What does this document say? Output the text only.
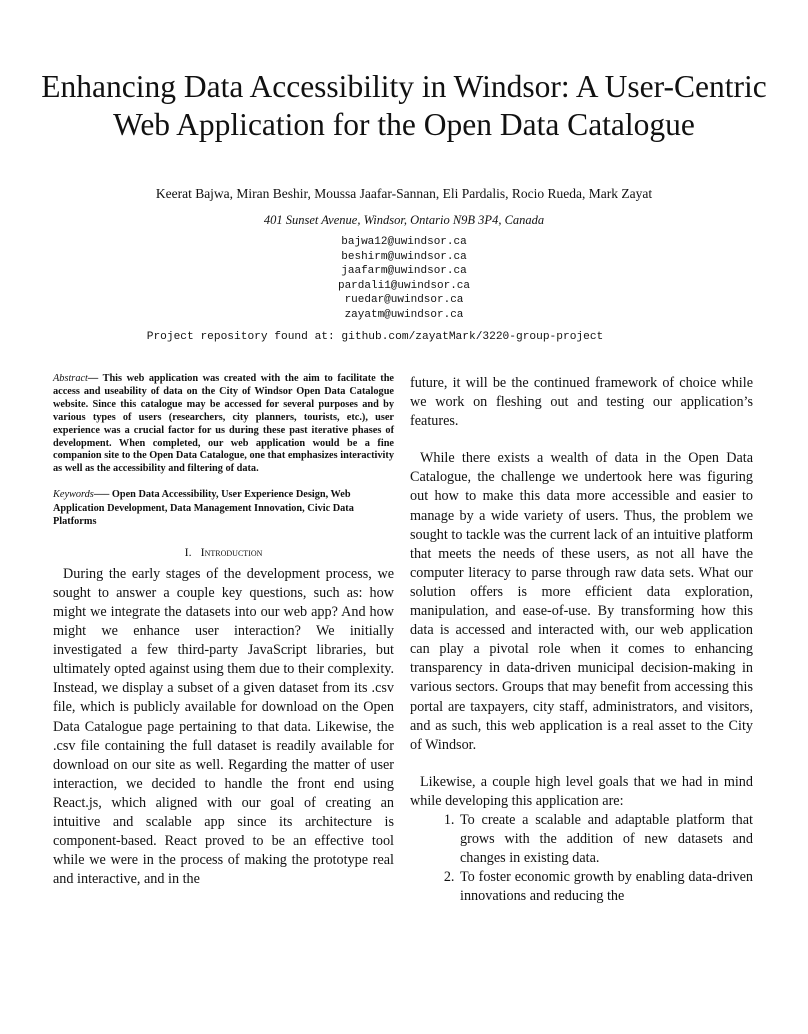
Enhancing Data Accessibility in Windsor: A User-Centric Web Application for the Open Data Catalogue
Keerat Bajwa, Miran Beshir, Moussa Jaafar-Sannan, Eli Pardalis, Rocio Rueda, Mark Zayat
401 Sunset Avenue, Windsor, Ontario N9B 3P4, Canada
bajwa12@uwindsor.ca
beshirm@uwindsor.ca
jaafarm@uwindsor.ca
pardali1@uwindsor.ca
ruedar@uwindsor.ca
zayatm@uwindsor.ca
Project repository found at: github.com/zayatMark/3220-group-project

Abstract— This web application was created with the aim to facilitate the access and useability of data on the City of Windsor Open Data Catalogue website. Since this catalogue may be accessed for several purposes and by various types of users (researchers, city planners, tourists, etc.), user experience was a crucial factor for us during these past iterative phases of development. When completed, our web application would be a fine companion site to the Open Data Catalogue, one that emphasizes interactivity as well as the accessibility and filtering of data.

Keywords—– Open Data Accessibility, User Experience Design, Web Application Development, Data Management Innovation, Civic Data Platforms

I. Introduction

During the early stages of the development process, we sought to answer a couple key questions, such as: how might we integrate the datasets into our web app? And how might we enhance user interaction? We initially investigated a few third-party JavaScript libraries, but ultimately opted against using them due to their complexity. Instead, we display a subset of a given dataset from its .csv file, which is publicly available for download on the Open Data Catalogue page pertaining to that data. Likewise, the .csv file containing the full dataset is readily available for download on our site as well. Regarding the matter of user interaction, we decided to handle the front end using React.js, which aligned with our goal of creating an intuitive and scalable app since its architecture is component-based. React proved to be an effective tool while we were in the process of making the prototype real and interactive, and in the

future, it will be the continued framework of choice while we work on fleshing out and testing our application’s features.

While there exists a wealth of data in the Open Data Catalogue, the challenge we undertook here was figuring out how to make this data more accessible and easier to manage by a wide variety of users. Thus, the problem we sought to tackle was the current lack of an intuitive platform that meets the needs of these users, as not all have the computer literacy to parse through raw data sets. What our solution offers is more efficient data exploration, manipulation, and ease-of-use. By transforming how this data is accessed and interacted with, our web application can play a pivotal role when it comes to enhancing transparency in data-driven municipal decision-making in various sectors. Groups that may benefit from accessing this portal are taxpayers, city staff, administrators, and visitors, and as such, this web application is a real asset to the City of Windsor.

Likewise, a couple high level goals that we had in mind while developing this application are:

1. To create a scalable and adaptable platform that grows with the addition of new datasets and changes in existing data.
2. To foster economic growth by enabling data-driven innovations and reducing the
